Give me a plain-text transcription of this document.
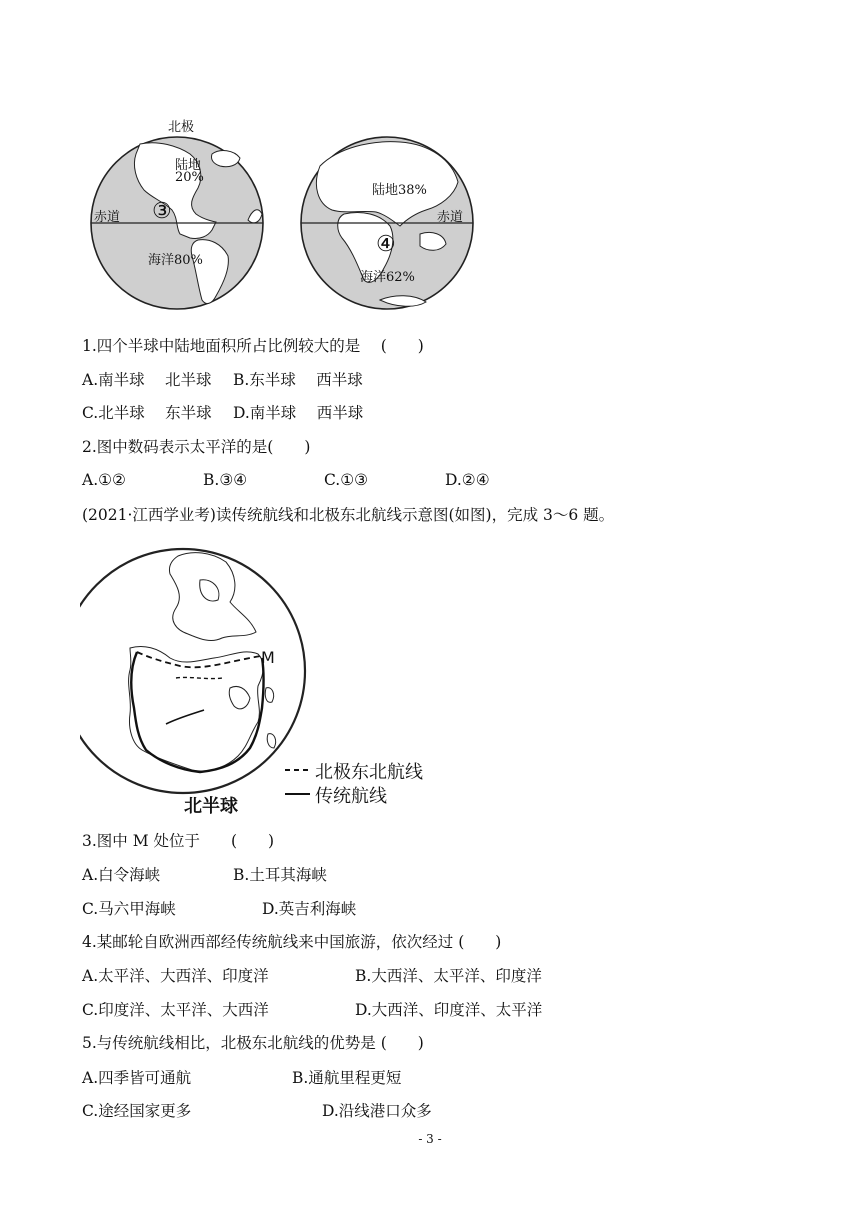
北极
陆地
20%
赤道 ③
海洋80%
陆地38%
赤道
④
海洋62%
1.四个半球中陆地面积所占比例较大的是　 (　　)
A.南半球　 北半球 B.东半球　 西半球
C.北半球　 东半球 D.南半球　 西半球
2.图中数码表示太平洋的是(　　)
A.①②	B.③④	C.①③	D.②④
(2021·江西学业考)读传统航线和北极东北航线示意图(如图)，完成 3～6 题。
M
北半球
北极东北航线
传统航线
3.图中 M 处位于　　(　　)
A.白令海峡	B.土耳其海峡
C.马六甲海峡	D.英吉利海峡
4.某邮轮自欧洲西部经传统航线来中国旅游，依次经过 (　　)
A.太平洋、大西洋、印度洋	B.大西洋、太平洋、印度洋
C.印度洋、太平洋、大西洋	D.大西洋、印度洋、太平洋
5.与传统航线相比，北极东北航线的优势是 (　　)
A.四季皆可通航	B.通航里程更短
C.途经国家更多	D.沿线港口众多
- 3 -
